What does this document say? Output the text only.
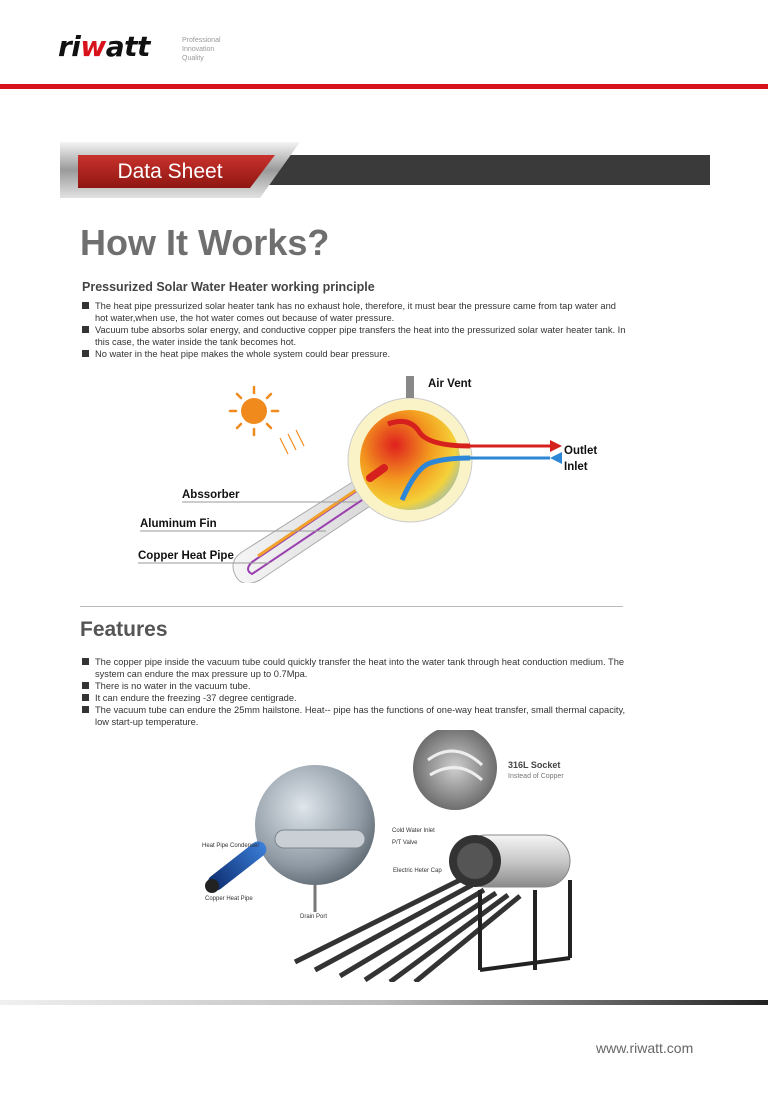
riwatt	Professional
Innovation
Quality
Data Sheet
How It Works?
Pressurized Solar Water Heater working principle
The heat pipe pressurized solar heater tank has no exhaust hole, therefore, it must bear the pressure came from tap water and hot water,when use, the hot water comes out because of water pressure.
Vacuum tube absorbs solar energy, and conductive copper pipe transfers the heat into the pressurized solar water heater tank. In this case, the water inside the tank becomes hot.
No water in the heat pipe makes the whole system could bear pressure.
Air Vent
Outlet
Inlet
Abssorber
Aluminum Fin
Copper Heat Pipe
Features
The copper pipe inside the vacuum tube could quickly transfer the heat into the water tank through heat conduction medium. The system can endure the max pressure up to 0.7Mpa.
There is no water in the vacuum tube.
It can endure the freezing -37 degree centigrade.
The vacuum tube can endure the 25mm hailstone. Heat-- pipe has the functions of one-way heat transfer, small thermal capacity, low start-up temperature.
316L Socket
Instead of Copper
Cold Water Inlet
P/T Valve
Heat Pipe Condenser
Electric Heter Cap
Copper Heat Pipe
Drain Port
www.riwatt.com
